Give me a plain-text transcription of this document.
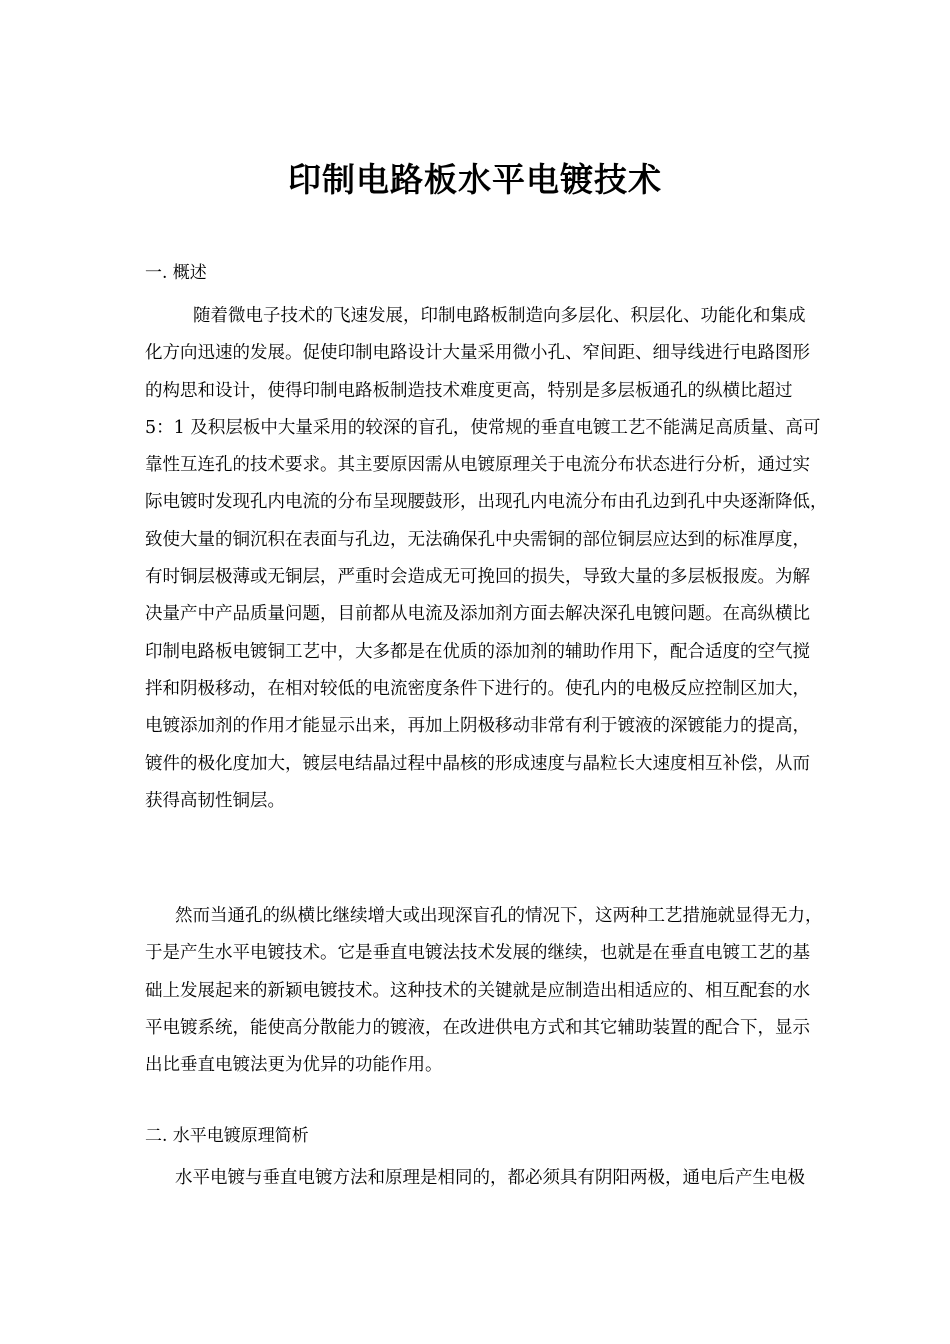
印制电路板水平电镀技术
一. 概述
随着微电子技术的飞速发展，印制电路板制造向多层化、积层化、功能化和集成
化方向迅速的发展。促使印制电路设计大量采用微小孔、窄间距、细导线进行电路图形
的构思和设计，使得印制电路板制造技术难度更高，特别是多层板通孔的纵横比超过
5：1 及积层板中大量采用的较深的盲孔，使常规的垂直电镀工艺不能满足高质量、高可
靠性互连孔的技术要求。其主要原因需从电镀原理关于电流分布状态进行分析，通过实
际电镀时发现孔内电流的分布呈现腰鼓形，出现孔内电流分布由孔边到孔中央逐渐降低，
致使大量的铜沉积在表面与孔边，无法确保孔中央需铜的部位铜层应达到的标准厚度，
有时铜层极薄或无铜层，严重时会造成无可挽回的损失，导致大量的多层板报废。为解
决量产中产品质量问题，目前都从电流及添加剂方面去解决深孔电镀问题。在高纵横比
印制电路板电镀铜工艺中，大多都是在优质的添加剂的辅助作用下，配合适度的空气搅
拌和阴极移动，在相对较低的电流密度条件下进行的。使孔内的电极反应控制区加大，
电镀添加剂的作用才能显示出来，再加上阴极移动非常有利于镀液的深镀能力的提高，
镀件的极化度加大，镀层电结晶过程中晶核的形成速度与晶粒长大速度相互补偿，从而
获得高韧性铜层。
然而当通孔的纵横比继续增大或出现深盲孔的情况下，这两种工艺措施就显得无力，
于是产生水平电镀技术。它是垂直电镀法技术发展的继续，也就是在垂直电镀工艺的基
础上发展起来的新颖电镀技术。这种技术的关键就是应制造出相适应的、相互配套的水
平电镀系统，能使高分散能力的镀液，在改进供电方式和其它辅助装置的配合下，显示
出比垂直电镀法更为优异的功能作用。
二. 水平电镀原理简析
水平电镀与垂直电镀方法和原理是相同的，都必须具有阴阳两极，通电后产生电极
